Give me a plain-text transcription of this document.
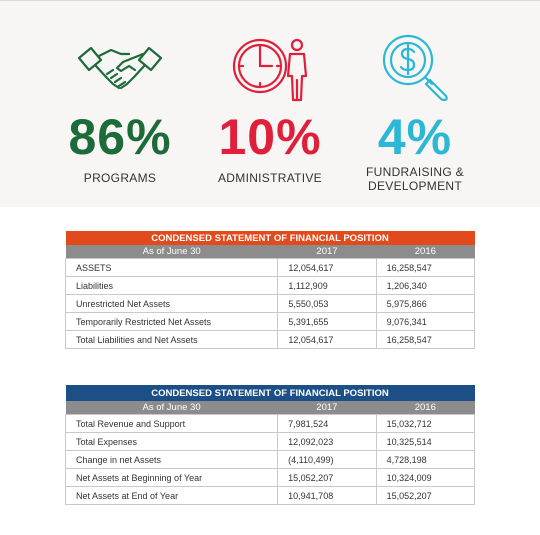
86%
PROGRAMS
10%
ADMINISTRATIVE
4%
FUNDRAISING &
DEVELOPMENT
CONDENSED STATEMENT OF FINANCIAL POSITION		
As of June 30	2017	2016
ASSETS	12,054,617	16,258,547
Liabilities	1,112,909	1,206,340
Unrestricted Net Assets	5,550,053	5,975,866
Temporarily Restricted Net Assets	5,391,655	9,076,341
Total Liabilities and Net Assets	12,054,617	16,258,547
CONDENSED STATEMENT OF FINANCIAL POSITION		
As of June 30	2017	2016
Total Revenue and Support	7,981,524	15,032,712
Total Expenses	12,092,023	10,325,514
Change in net Assets	(4,110,499)	4,728,198
Net Assets at Beginning of Year	15,052,207	10,324,009
Net Assets at End of Year	10,941,708	15,052,207
